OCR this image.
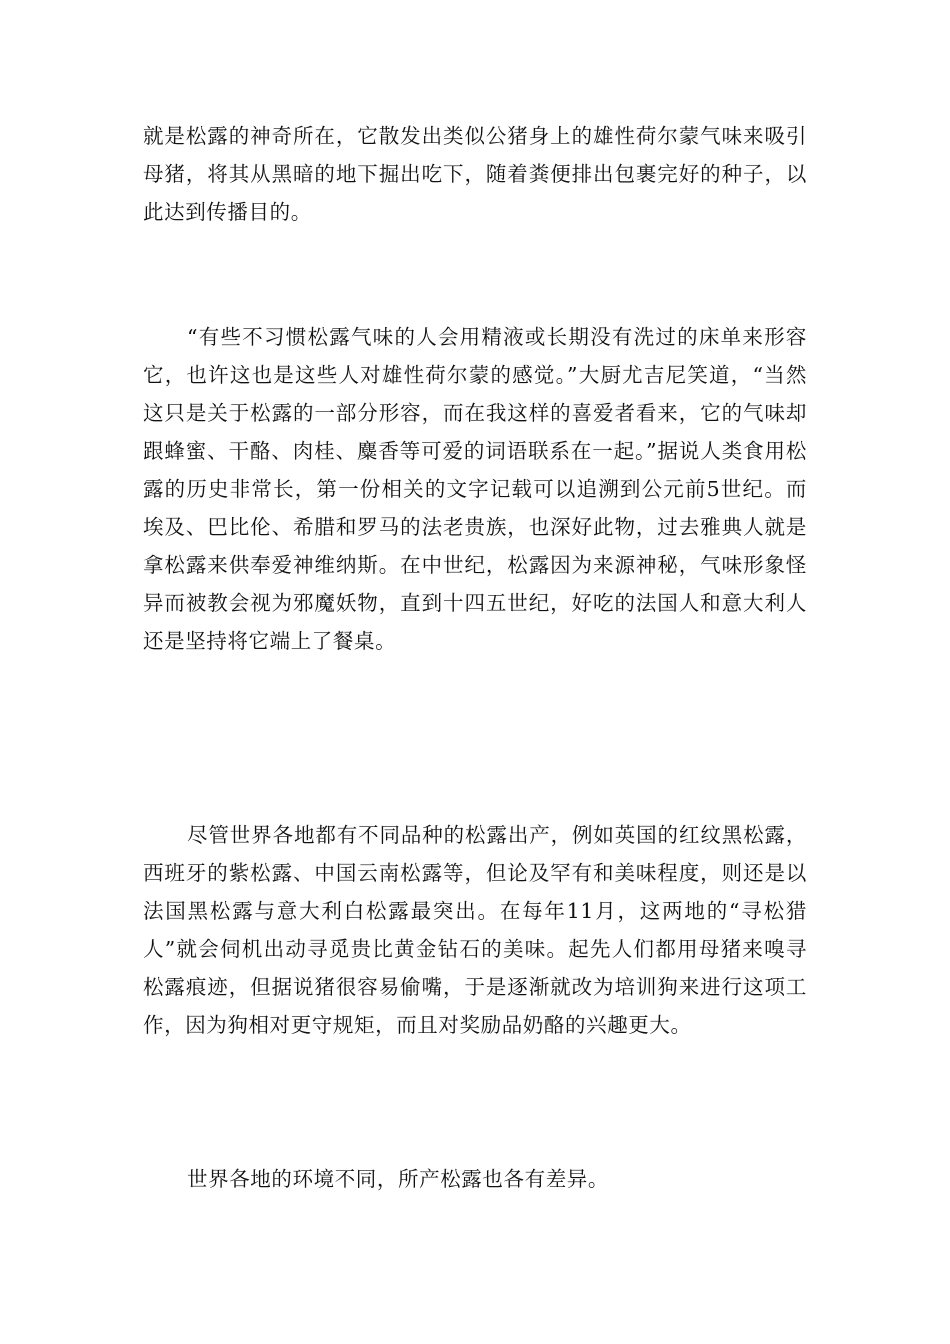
就是松露的神奇所在，它散发出类似公猪身上的雄性荷尔蒙气味来吸引母猪，将其从黑暗的地下掘出吃下，随着粪便排出包裹完好的种子，以此达到传播目的。

“有些不习惯松露气味的人会用精液或长期没有洗过的床单来形容它，也许这也是这些人对雄性荷尔蒙的感觉。”大厨尤吉尼笑道，“当然这只是关于松露的一部分形容，而在我这样的喜爱者看来，它的气味却跟蜂蜜、干酪、肉桂、麋香等可爱的词语联系在一起。”据说人类食用松露的历史非常长，第一份相关的文字记载可以追溯到公元前5世纪。而埃及、巴比伦、希腊和罗马的法老贵族，也深好此物，过去雅典人就是拿松露来供奉爱神维纳斯。在中世纪，松露因为来源神秘，气味形象怪异而被教会视为邪魔妖物，直到十四五世纪，好吃的法国人和意大利人还是坚持将它端上了餐桌。

尽管世界各地都有不同品种的松露出产，例如英国的红纹黑松露，西班牙的紫松露、中国云南松露等，但论及罕有和美味程度，则还是以法国黑松露与意大利白松露最突出。在每年11月，这两地的“寻松猎人”就会伺机出动寻觅贵比黄金钻石的美味。起先人们都用母猪来嗅寻松露痕迹，但据说猪很容易偷嘴，于是逐渐就改为培训狗来进行这项工作，因为狗相对更守规矩，而且对奖励品奶酪的兴趣更大。

世界各地的环境不同，所产松露也各有差异。
